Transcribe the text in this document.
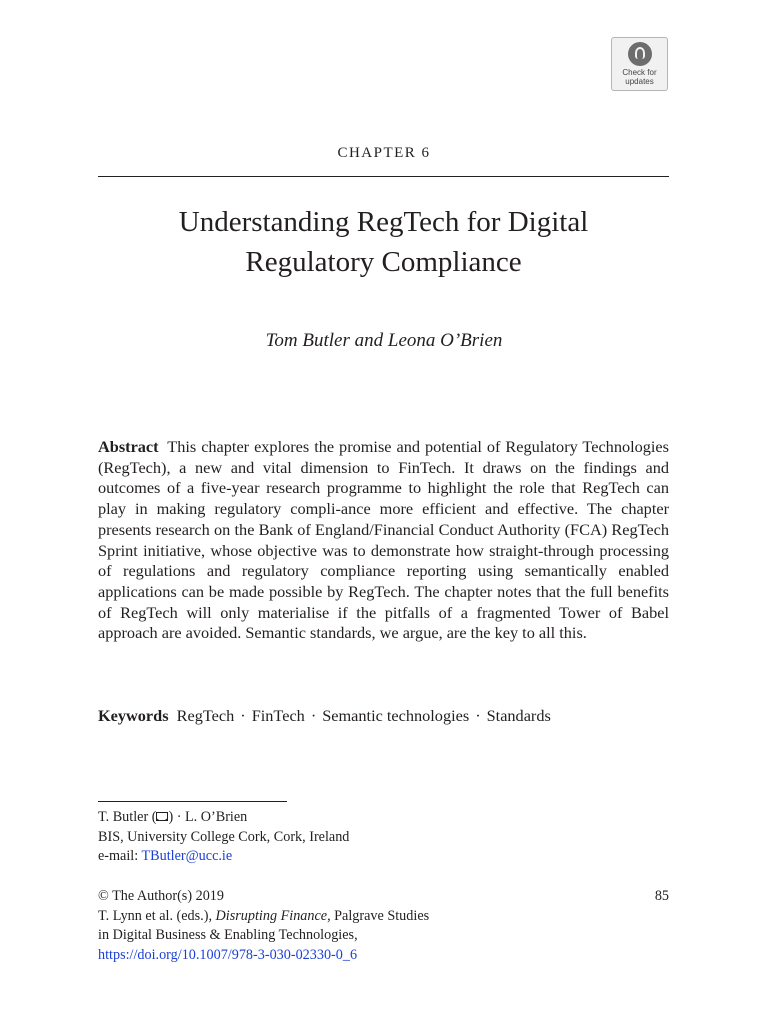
Check for
updates
CHAPTER 6
Understanding RegTech for Digital
Regulatory Compliance
Tom Butler and Leona O’Brien
Abstract This chapter explores the promise and potential of Regulatory Technologies (RegTech), a new and vital dimension to FinTech. It draws on the findings and outcomes of a five-year research programme to highlight the role that RegTech can play in making regulatory compli-ance more efficient and effective. The chapter presents research on the Bank of England/Financial Conduct Authority (FCA) RegTech Sprint initiative, whose objective was to demonstrate how straight-through processing of regulations and regulatory compliance reporting using semantically enabled applications can be made possible by RegTech. The chapter notes that the full benefits of RegTech will only materialise if the pitfalls of a fragmented Tower of Babel approach are avoided. Semantic standards, we argue, are the key to all this.
Keywords RegTech · FinTech · Semantic technologies · Standards
T. Butler ( ) · L. O’Brien
BIS, University College Cork, Cork, Ireland
e-mail: TButler@ucc.ie
© The Author(s) 2019
T. Lynn et al. (eds.), Disrupting Finance, Palgrave Studies
in Digital Business & Enabling Technologies,
https://doi.org/10.1007/978-3-030-02330-0_6
85
